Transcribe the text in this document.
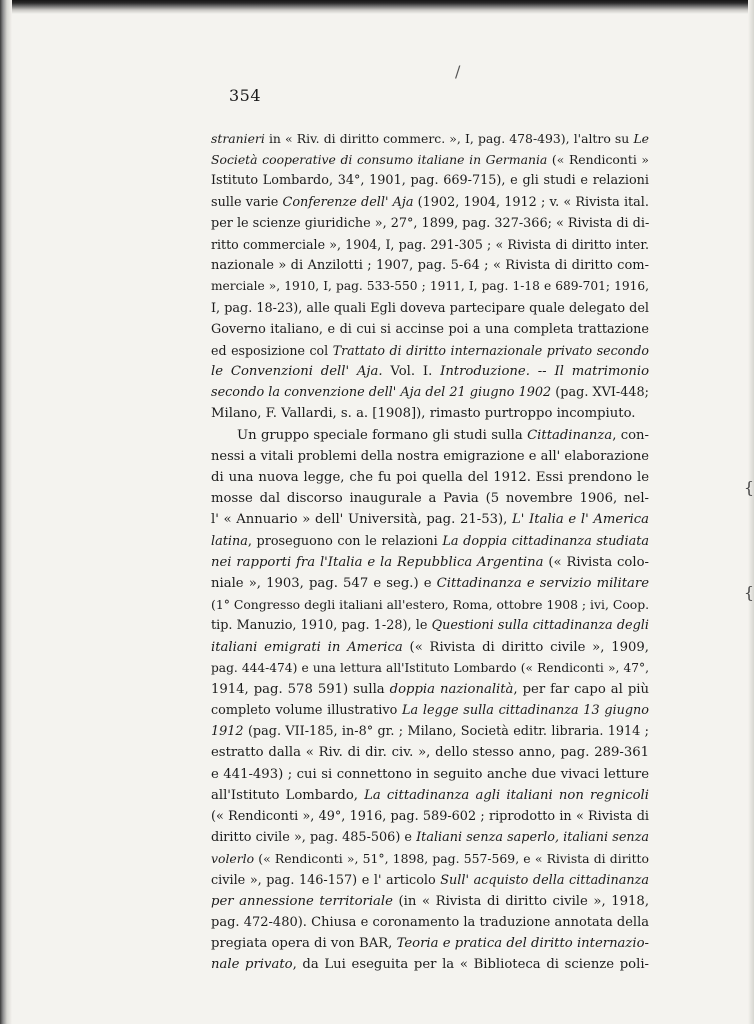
{
{
/
354
stranieri in « Riv. di diritto commerc. », I, pag. 478-493), l'altro su Le
Società cooperative di consumo italiane in Germania (« Rendiconti »
Istituto Lombardo, 34°, 1901, pag. 669-715), e gli studi e relazioni
sulle varie Conferenze dell' Aja (1902, 1904, 1912 ; v. « Rivista ital.
per le scienze giuridiche », 27°, 1899, pag. 327-366; « Rivista di di-
ritto commerciale », 1904, I, pag. 291-305 ; « Rivista di diritto inter.
nazionale » di Anzilotti ; 1907, pag. 5-64 ; « Rivista di diritto com-
merciale », 1910, I, pag. 533-550 ; 1911, I, pag. 1-18 e 689-701; 1916,
I, pag. 18-23), alle quali Egli doveva partecipare quale delegato del
Governo italiano, e di cui si accinse poi a una completa trattazione
ed esposizione col Trattato di diritto internazionale privato secondo
le Convenzioni dell' Aja. Vol. I. Introduzione. -- Il matrimonio
secondo la convenzione dell' Aja del 21 giugno 1902 (pag. XVI-448;
Milano, F. Vallardi, s. a. [1908]), rimasto purtroppo incompiuto.
Un gruppo speciale formano gli studi sulla Cittadinanza, con-
nessi a vitali problemi della nostra emigrazione e all' elaborazione
di una nuova legge, che fu poi quella del 1912. Essi prendono le
mosse dal discorso inaugurale a Pavia (5 novembre 1906, nel-
l' « Annuario » dell' Università, pag. 21-53), L' Italia e l' America
latina, proseguono con le relazioni La doppia cittadinanza studiata
nei rapporti fra l'Italia e la Repubblica Argentina (« Rivista colo-
niale », 1903, pag. 547 e seg.) e Cittadinanza e servizio militare
(1° Congresso degli italiani all'estero, Roma, ottobre 1908 ; ivi, Coop.
tip. Manuzio, 1910, pag. 1-28), le Questioni sulla cittadinanza degli
italiani emigrati in America (« Rivista di diritto civile », 1909,
pag. 444-474) e una lettura all'Istituto Lombardo (« Rendiconti », 47°,
1914, pag. 578 591) sulla doppia nazionalità, per far capo al più
completo volume illustrativo La legge sulla cittadinanza 13 giugno
1912 (pag. VII-185, in-8° gr. ; Milano, Società editr. libraria. 1914 ;
estratto dalla « Riv. di dir. civ. », dello stesso anno, pag. 289-361
e 441-493) ; cui si connettono in seguito anche due vivaci letture
all'Istituto Lombardo, La cittadinanza agli italiani non regnicoli
(« Rendiconti », 49°, 1916, pag. 589-602 ; riprodotto in « Rivista di
diritto civile », pag. 485-506) e Italiani senza saperlo, italiani senza
volerlo (« Rendiconti », 51°, 1898, pag. 557-569, e « Rivista di diritto
civile », pag. 146-157) e l' articolo Sull' acquisto della cittadinanza
per annessione territoriale (in « Rivista di diritto civile », 1918,
pag. 472-480). Chiusa e coronamento la traduzione annotata della
pregiata opera di von BAR, Teoria e pratica del diritto internazio-
nale privato, da Lui eseguita per la « Biblioteca di scienze poli-
